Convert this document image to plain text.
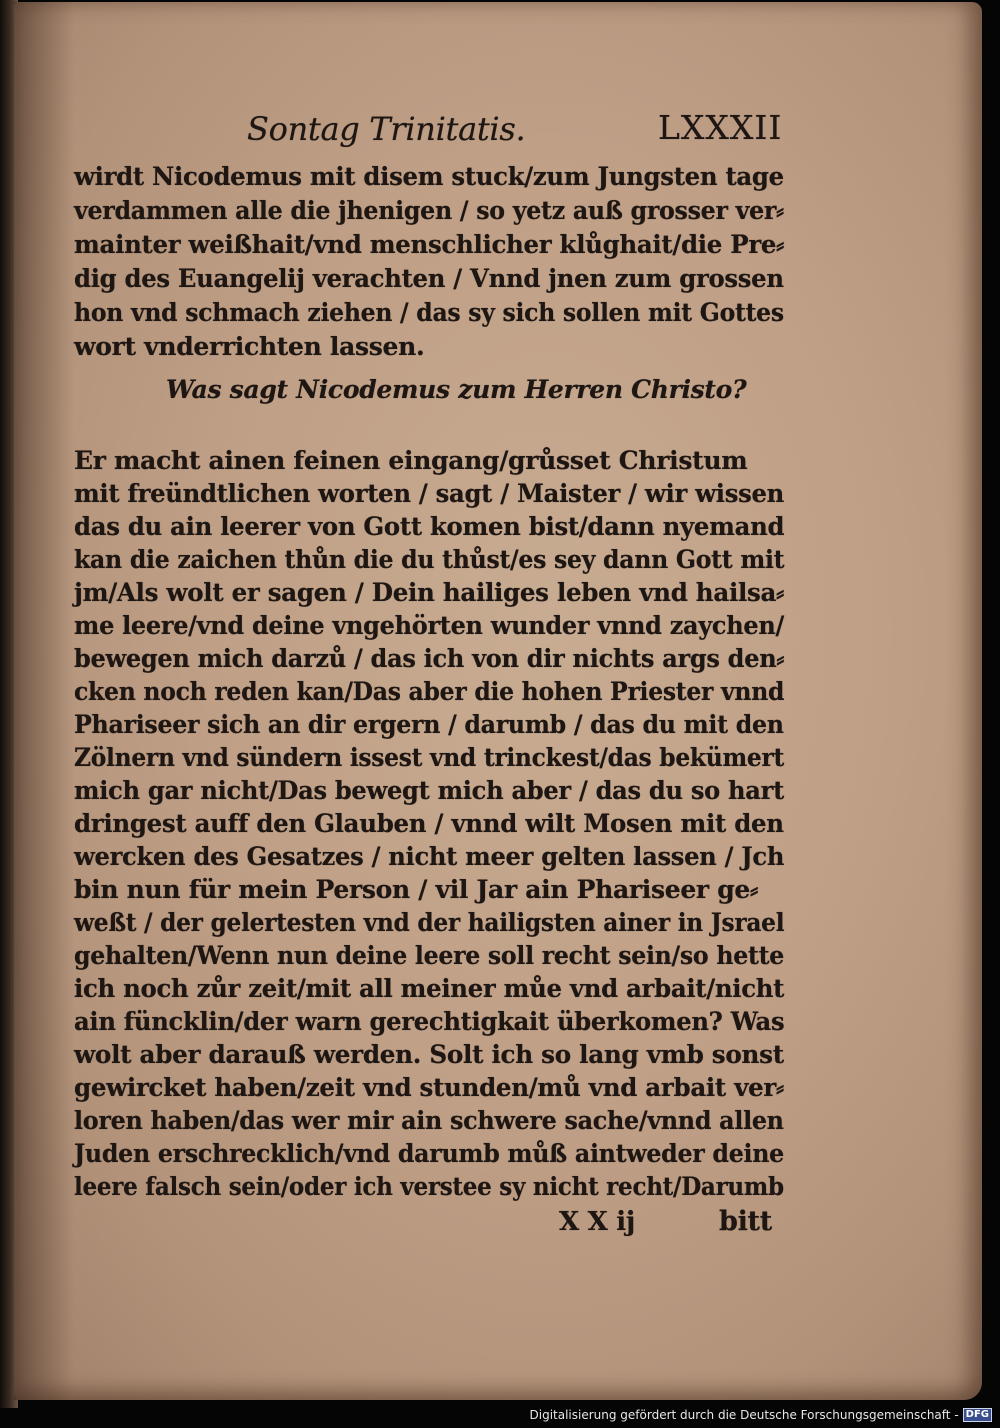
Sontag Trinitatis.	LXXXII
wirdt Nicodemus mit disem stuck/zum Jungsten tage
verdammen alle die jhenigen / so yetz auß grosser ver⸗
mainter weißhait/vnd menschlicher klůghait/die Pre⸗
dig des Euangelij verachten / Vnnd jnen zum grossen
hon vnd schmach ziehen / das sy sich sollen mit Gottes
wort vnderrichten lassen.
Was sagt Nicodemus zum Herren Christo?
Er macht ainen feinen eingang/grůsset Christum
mit freündtlichen worten / sagt / Maister / wir wissen
das du ain leerer von Gott komen bist/dann nyemand
kan die zaichen thůn die du thůst/es sey dann Gott mit
jm/Als wolt er sagen / Dein hailiges leben vnd hailsa⸗
me leere/vnd deine vngehörten wunder vnnd zaychen/
bewegen mich darzů / das ich von dir nichts args den⸗
cken noch reden kan/Das aber die hohen Priester vnnd
Phariseer sich an dir ergern / darumb / das du mit den
Zölnern vnd sündern issest vnd trinckest/das bekümert
mich gar nicht/Das bewegt mich aber / das du so hart
dringest auff den Glauben / vnnd wilt Mosen mit den
wercken des Gesatzes / nicht meer gelten lassen / Jch
bin nun für mein Person / vil Jar ain Phariseer ge⸗
weßt / der gelertesten vnd der hailigsten ainer in Jsrael
gehalten/Wenn nun deine leere soll recht sein/so hette
ich noch zůr zeit/mit all meiner můe vnd arbait/nicht
ain füncklin/der warn gerechtigkait überkomen? Was
wolt aber darauß werden. Solt ich so lang vmb sonst
gewircket haben/zeit vnd stunden/mů vnd arbait ver⸗
loren haben/das wer mir ain schwere sache/vnnd allen
Juden erschrecklich/vnd darumb můß aintweder deine
leere falsch sein/oder ich verstee sy nicht recht/Darumb
X X ij	bitt
Digitalisierung gefördert durch die Deutsche Forschungsgemeinschaft - DFG
